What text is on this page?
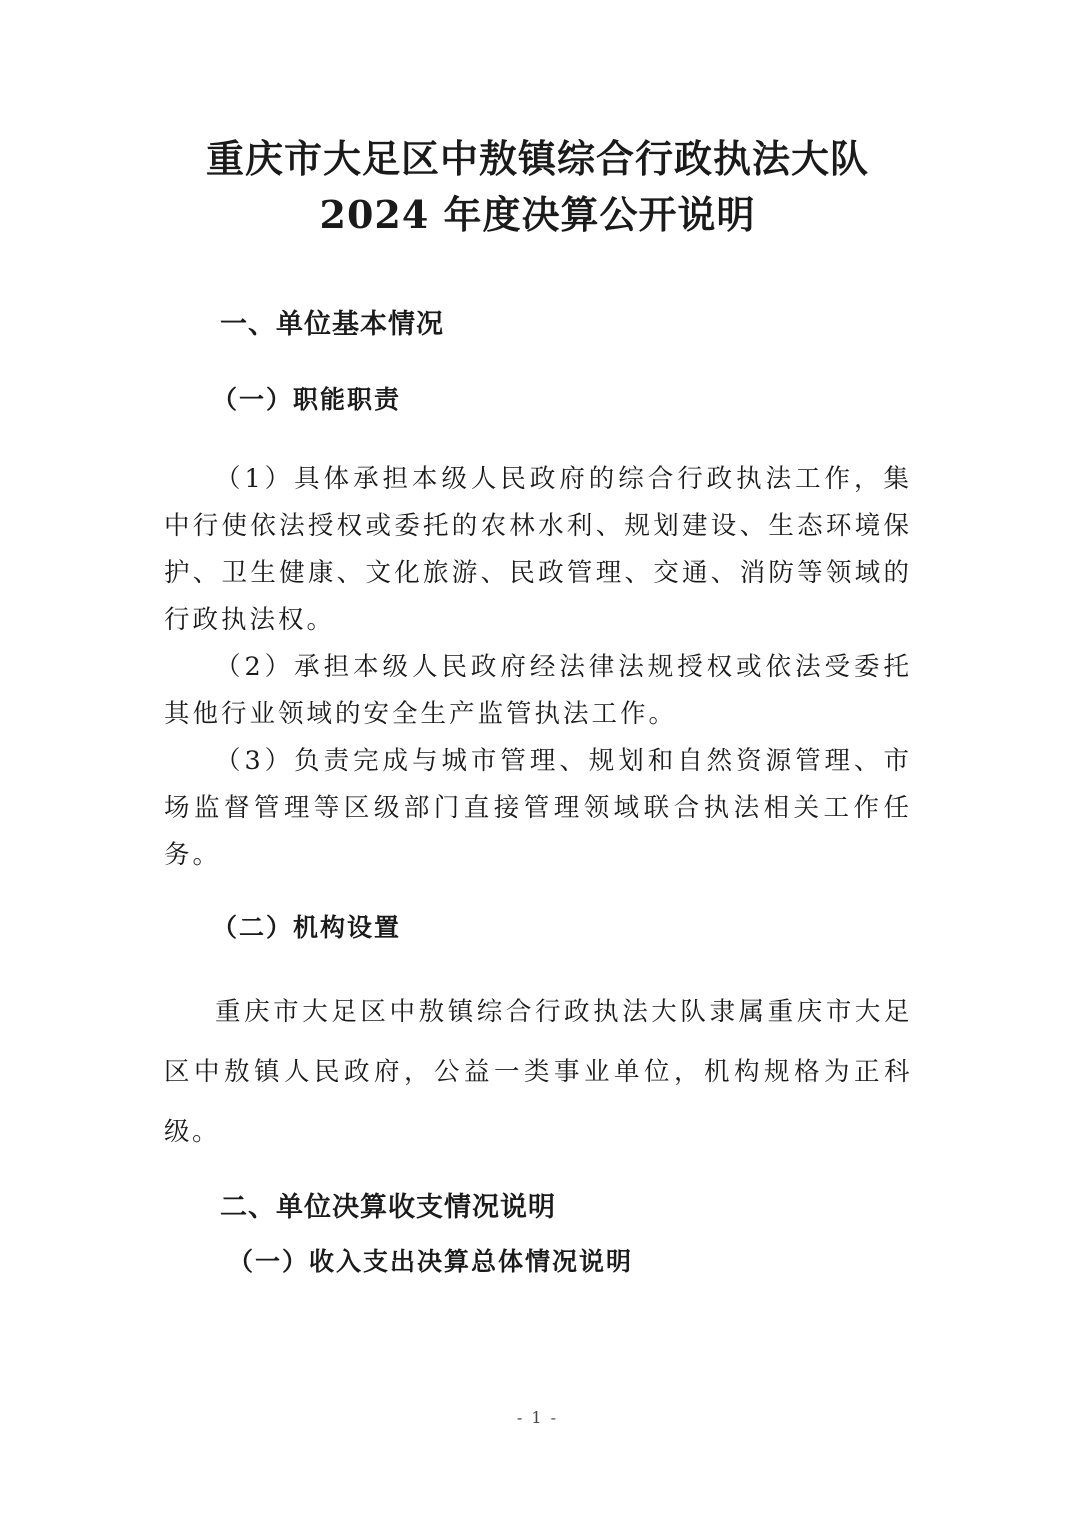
重庆市大足区中敖镇综合行政执法大队
2024 年度决算公开说明
一、单位基本情况
（一）职能职责
（1）具体承担本级人民政府的综合行政执法工作，集中行使依法授权或委托的农林水利、规划建设、生态环境保护、卫生健康、文化旅游、民政管理、交通、消防等领域的行政执法权。
（2）承担本级人民政府经法律法规授权或依法受委托其他行业领域的安全生产监管执法工作。
（3）负责完成与城市管理、规划和自然资源管理、市场监督管理等区级部门直接管理领域联合执法相关工作任务。
（二）机构设置
重庆市大足区中敖镇综合行政执法大队隶属重庆市大足区中敖镇人民政府，公益一类事业单位，机构规格为正科级。
二、单位决算收支情况说明
（一）收入支出决算总体情况说明
- 1 -
